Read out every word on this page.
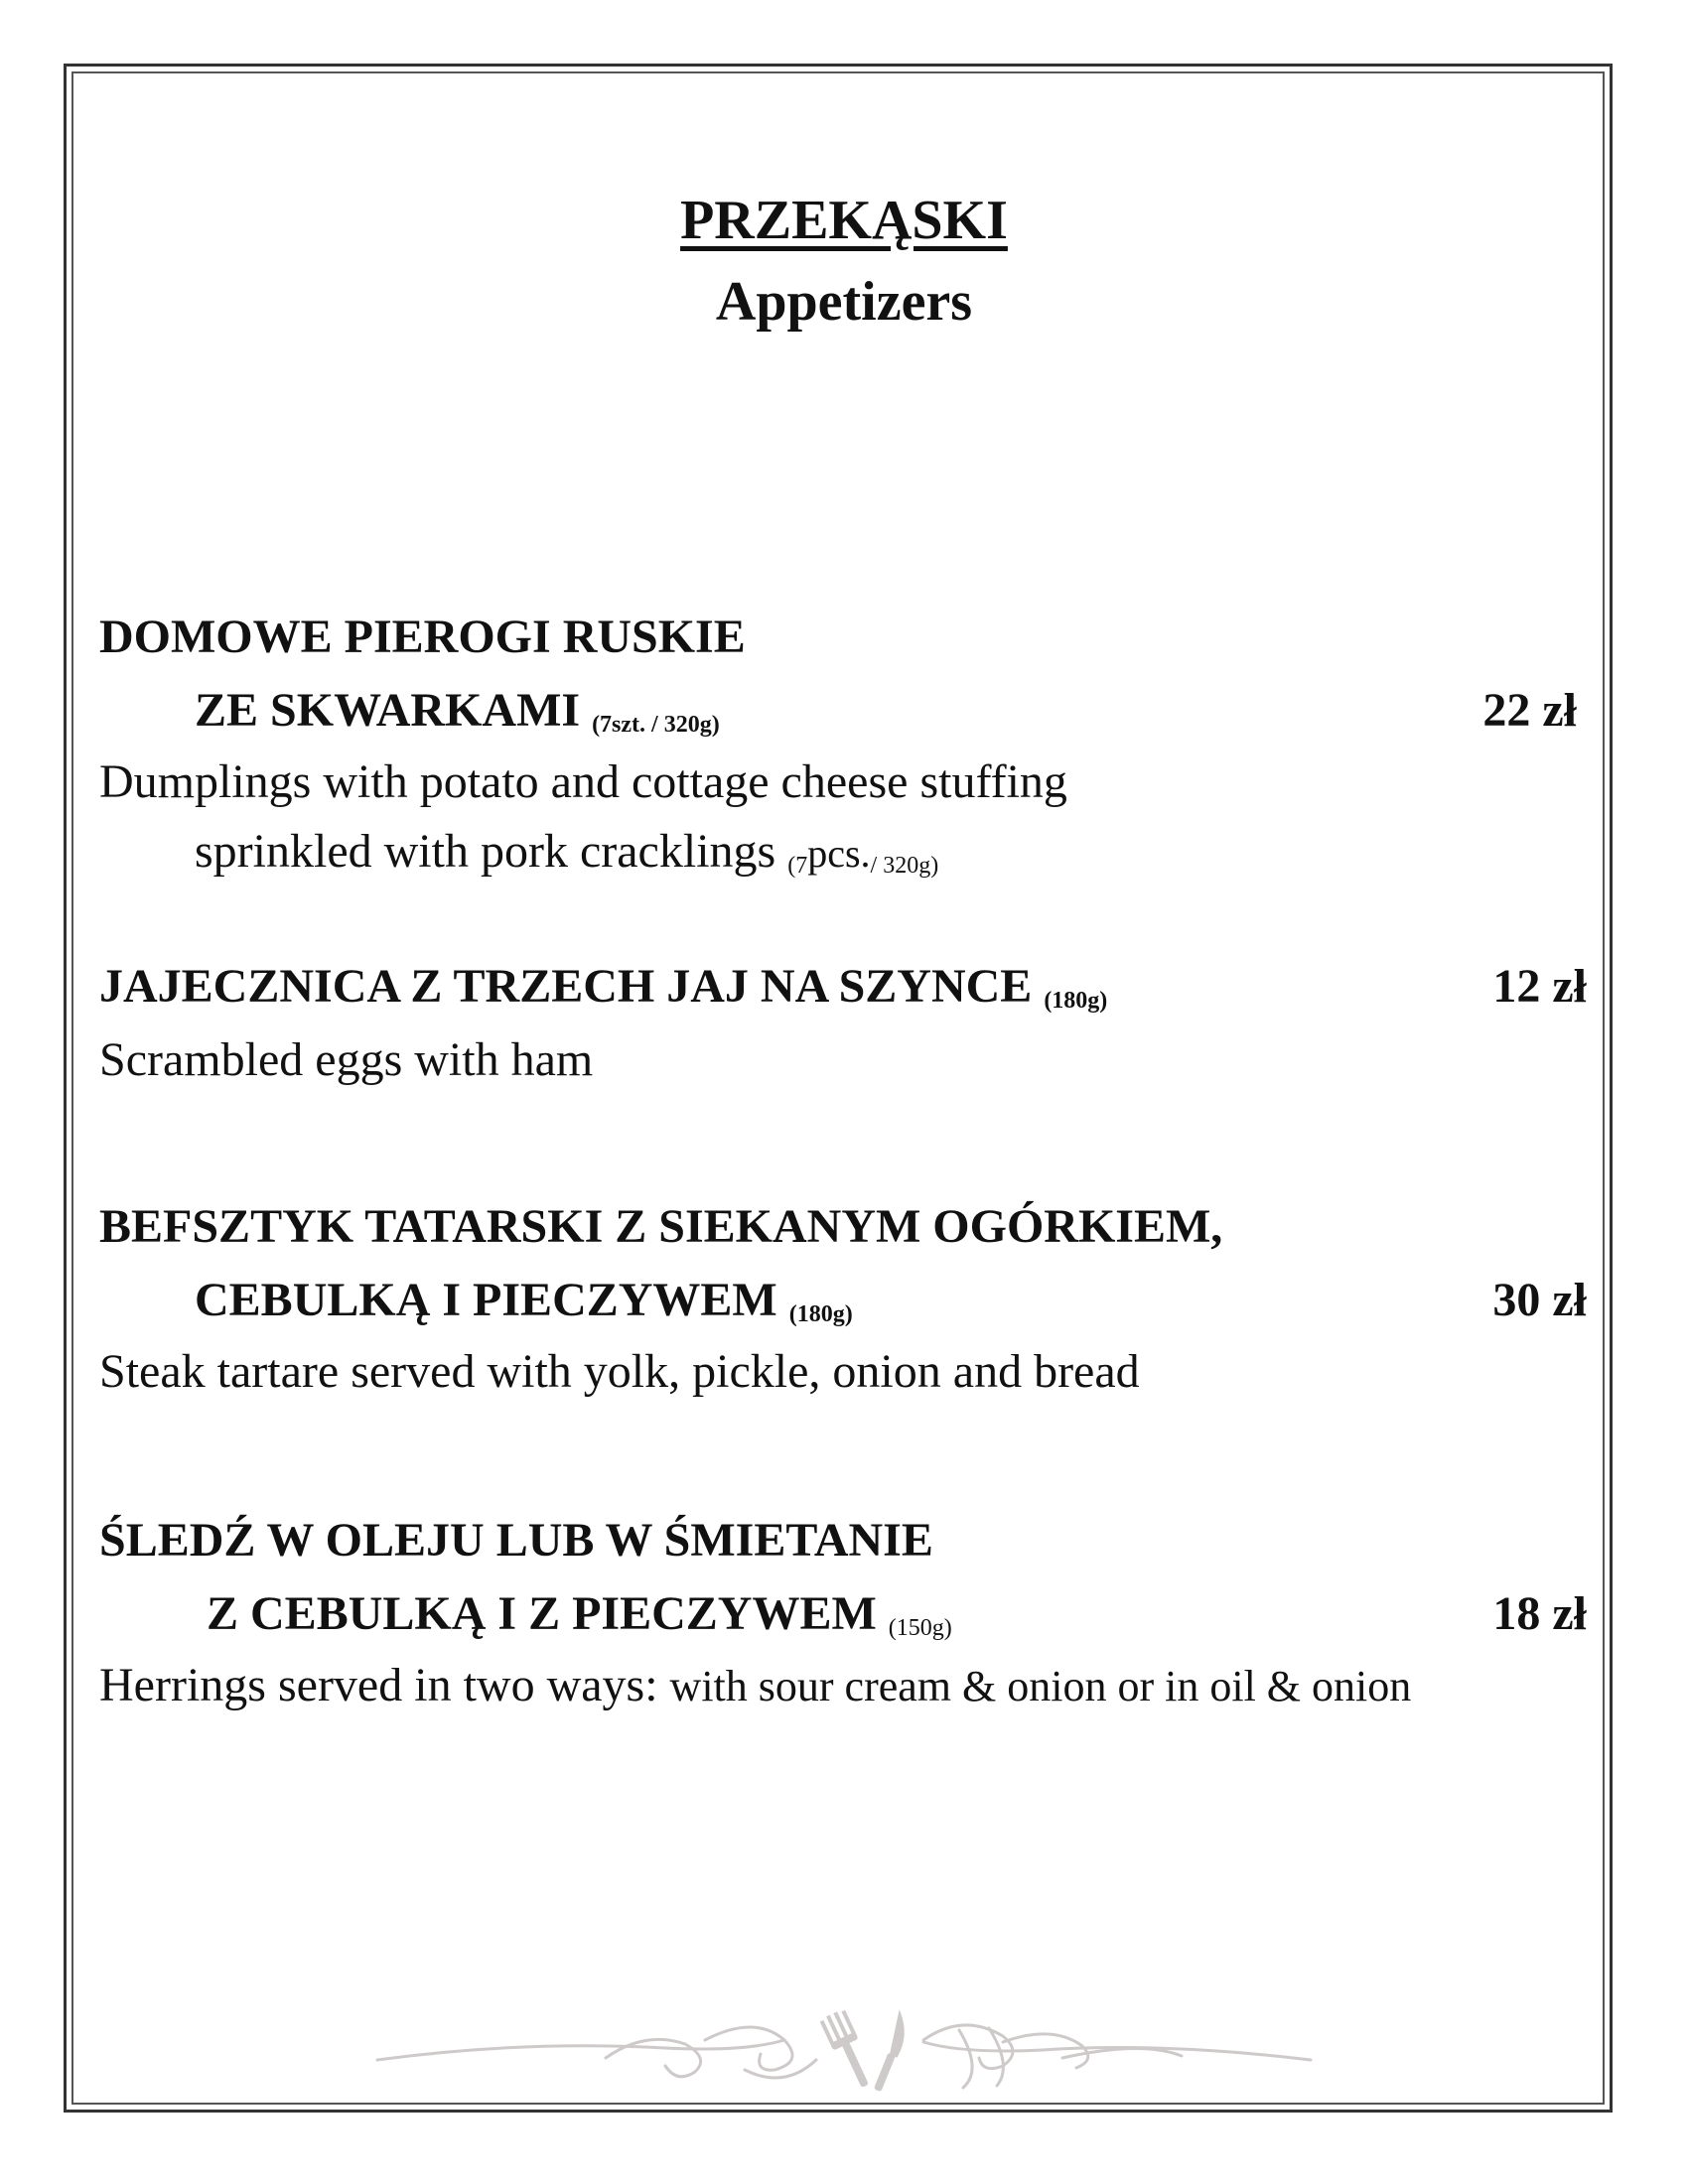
PRZEKĄSKI
Appetizers
DOMOWE PIEROGI RUSKIE
ZE SKWARKAMI (7szt. / 320g)	22 zł
Dumplings with potato and cottage cheese stuffing
sprinkled with pork cracklings (7pcs./ 320g)
JAJECZNICA Z TRZECH JAJ NA SZYNCE (180g)	12 zł
Scrambled eggs with ham
BEFSZTYK TATARSKI Z SIEKANYM OGÓRKIEM,
CEBULKĄ I PIECZYWEM (180g)	30 zł
Steak tartare served with yolk, pickle, onion and bread
ŚLEDŹ W OLEJU LUB W ŚMIETANIE
Z CEBULKĄ I Z PIECZYWEM (150g)	18 zł
Herrings served in two ways: with sour cream & onion or in oil & onion
